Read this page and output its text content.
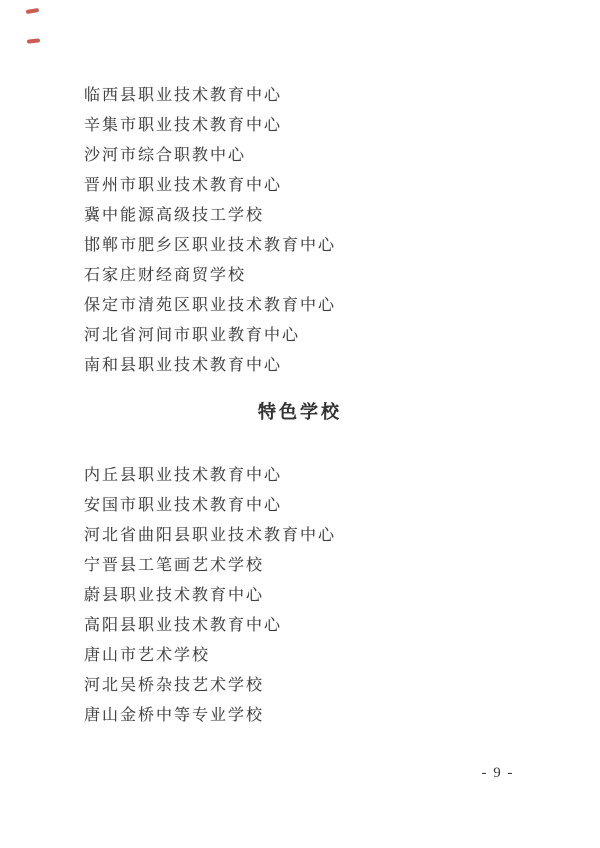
临西县职业技术教育中心
辛集市职业技术教育中心
沙河市综合职教中心
晋州市职业技术教育中心
冀中能源高级技工学校
邯郸市肥乡区职业技术教育中心
石家庄财经商贸学校
保定市清苑区职业技术教育中心
河北省河间市职业教育中心
南和县职业技术教育中心
特色学校
内丘县职业技术教育中心
安国市职业技术教育中心
河北省曲阳县职业技术教育中心
宁晋县工笔画艺术学校
蔚县职业技术教育中心
高阳县职业技术教育中心
唐山市艺术学校
河北吴桥杂技艺术学校
唐山金桥中等专业学校
- 9 -
